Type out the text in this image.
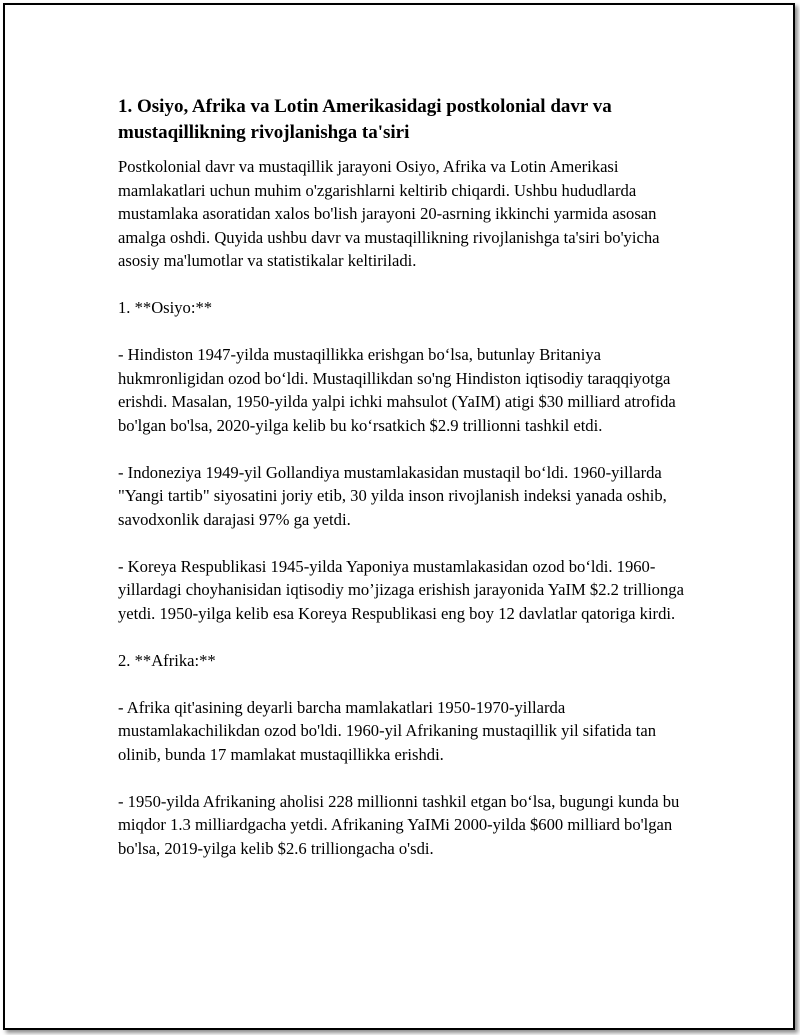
1. Osiyo, Afrika va Lotin Amerikasidagi postkolonial davr va mustaqillikning rivojlanishga ta'siri

Postkolonial davr va mustaqillik jarayoni Osiyo, Afrika va Lotin Amerikasi mamlakatlari uchun muhim o'zgarishlarni keltirib chiqardi. Ushbu hududlarda mustamlaka asoratidan xalos bo'lish jarayoni 20-asrning ikkinchi yarmida asosan amalga oshdi. Quyida ushbu davr va mustaqillikning rivojlanishga ta'siri bo'yicha asosiy ma'lumotlar va statistikalar keltiriladi.

1. **Osiyo:**

- Hindiston 1947-yilda mustaqillikka erishgan bo‘lsa, butunlay Britaniya hukmronligidan ozod bo‘ldi. Mustaqillikdan so'ng Hindiston iqtisodiy taraqqiyotga erishdi. Masalan, 1950-yilda yalpi ichki mahsulot (YaIM) atigi $30 milliard atrofida bo'lgan bo'lsa, 2020-yilga kelib bu ko‘rsatkich $2.9 trillionni tashkil etdi.

- Indoneziya 1949-yil Gollandiya mustamlakasidan mustaqil bo‘ldi. 1960-yillarda "Yangi tartib" siyosatini joriy etib, 30 yilda inson rivojlanish indeksi yanada oshib, savodxonlik darajasi 97% ga yetdi.

- Koreya Respublikasi 1945-yilda Yaponiya mustamlakasidan ozod bo‘ldi. 1960-yillardagi choyhanisidan iqtisodiy mo’jizaga erishish jarayonida YaIM $2.2 trillionga yetdi. 1950-yilga kelib esa Koreya Respublikasi eng boy 12 davlatlar qatoriga kirdi.

2. **Afrika:**

- Afrika qit'asining deyarli barcha mamlakatlari 1950-1970-yillarda mustamlakachilikdan ozod bo'ldi. 1960-yil Afrikaning mustaqillik yil sifatida tan olinib, bunda 17 mamlakat mustaqillikka erishdi.

- 1950-yilda Afrikaning aholisi 228 millionni tashkil etgan bo‘lsa, bugungi kunda bu miqdor 1.3 milliardgacha yetdi. Afrikaning YaIMi 2000-yilda $600 milliard bo'lgan bo'lsa, 2019-yilga kelib $2.6 trilliongacha o'sdi.
